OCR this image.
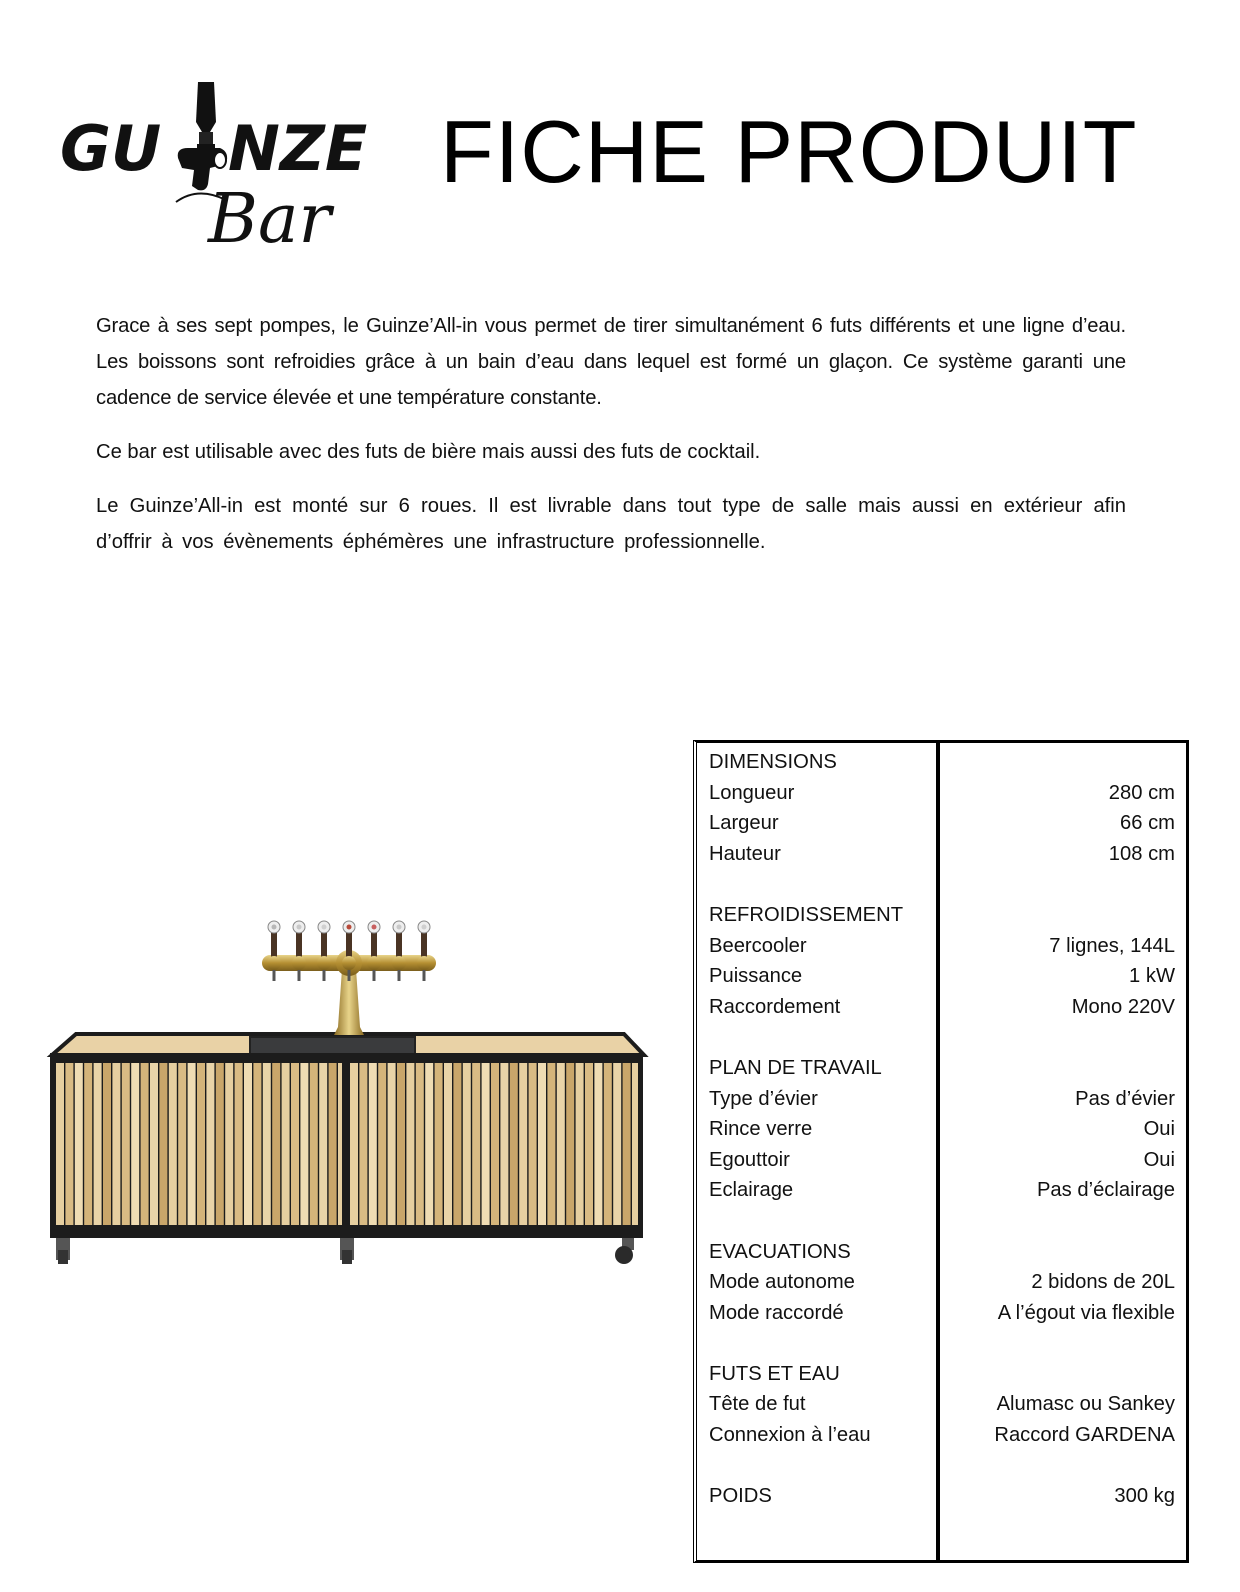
GU NZE
Bar
FICHE PRODUIT

Grace à ses sept pompes, le Guinze’All-in vous permet de tirer simultanément 6 futs différents et une ligne d’eau. Les boissons sont refroidies grâce à un bain d’eau dans lequel est formé un glaçon. Ce système garanti une cadence de service élevée et une température constante.

Ce bar est utilisable avec des futs de bière mais aussi des futs de cocktail.

Le Guinze’All-in est monté sur 6 roues. Il est livrable dans tout type de salle mais aussi en extérieur afin d’offrir à vos évènements éphémères une infrastructure professionnelle.

DIMENSIONS
Longueur
Largeur
Hauteur
REFROIDISSEMENT
Beercooler
Puissance
Raccordement
PLAN DE TRAVAIL
Type d’évier
Rince verre
Egouttoir
Eclairage
EVACUATIONS
Mode autonome
Mode raccordé
FUTS ET EAU
Tête de fut
Connexion à l’eau
POIDS
280 cm
66 cm
108 cm
7 lignes, 144L
1 kW
Mono 220V
Pas d’évier
Oui
Oui
Pas d’éclairage
2 bidons de 20L
A l’égout via flexible
Alumasc ou Sankey
Raccord GARDENA
300 kg
